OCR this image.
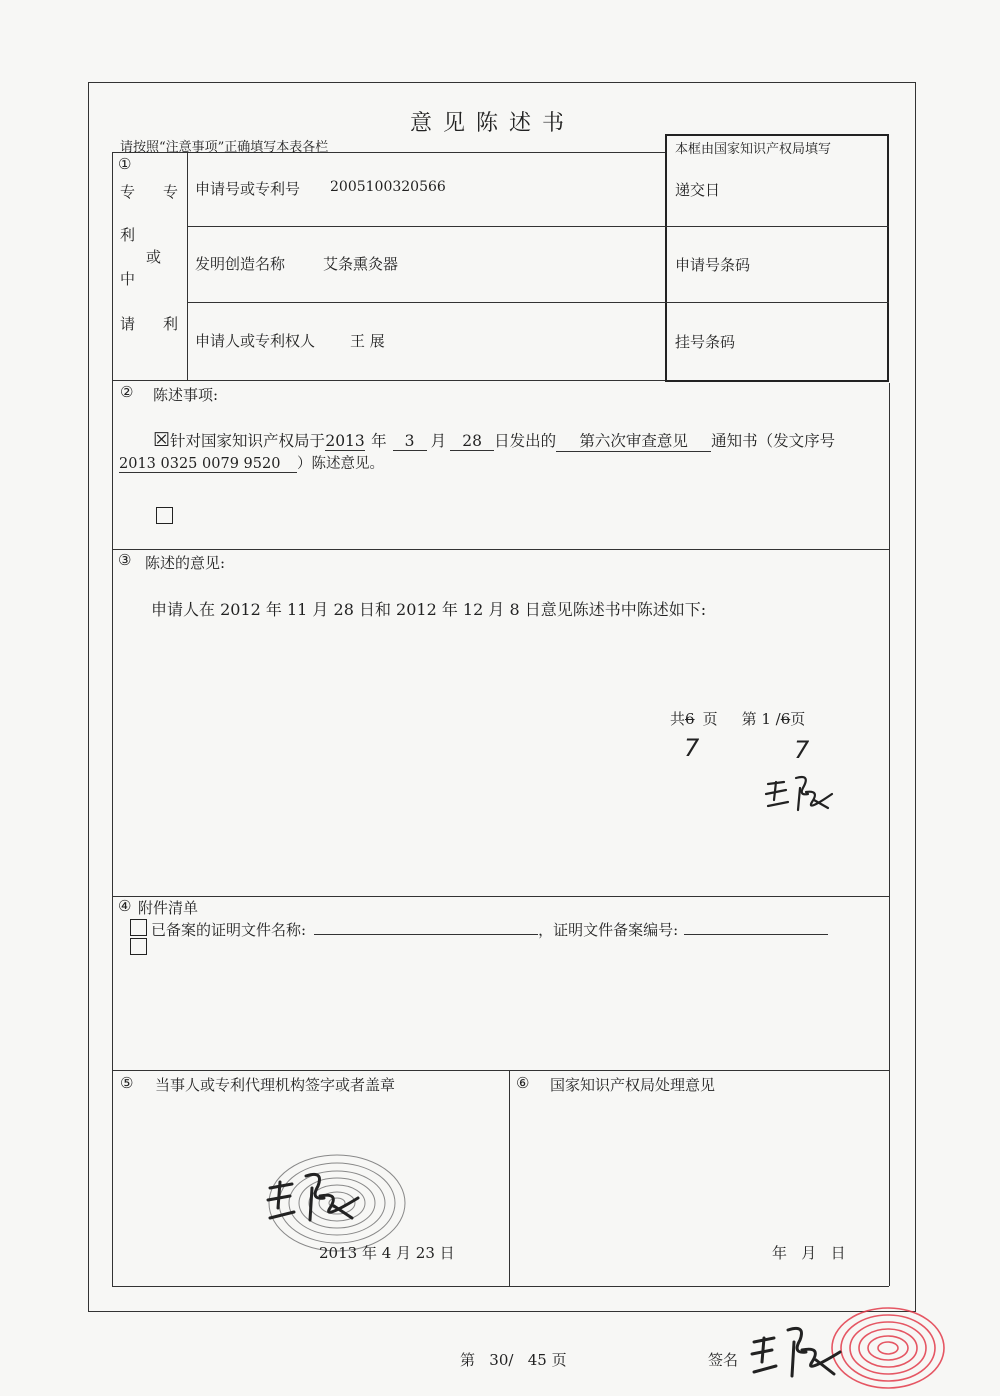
意 见 陈 述 书
请按照“注意事项”正确填写本表各栏	本框由国家知识产权局填写
递交日
申请号条码
挂号条码
①
专 专
利
或
中
请 利
申请号或专利号 2005100320566
发明创造名称	艾条熏灸器
申请人或专利权人 王 展
② 陈述事项:
☒针对国家知识产权局于2013 年 3 月 28 日发出的 第六次审查意见 通知书（发文序号
2013 0325 0079 9520 ）陈述意见。
③ 陈述的意见:
申请人在 2012 年 11 月 28 日和 2012 年 12 月 8 日意见陈述书中陈述如下:
共6 页 第 1 /6页
7	7
④ 附件清单
已备案的证明文件名称:	，证明文件备案编号:
⑤ 当事人或专利代理机构签字或者盖章
2013 年 4 月 23 日
⑥ 国家知识产权局处理意见
年   月   日
第   30/   45 页	签名
